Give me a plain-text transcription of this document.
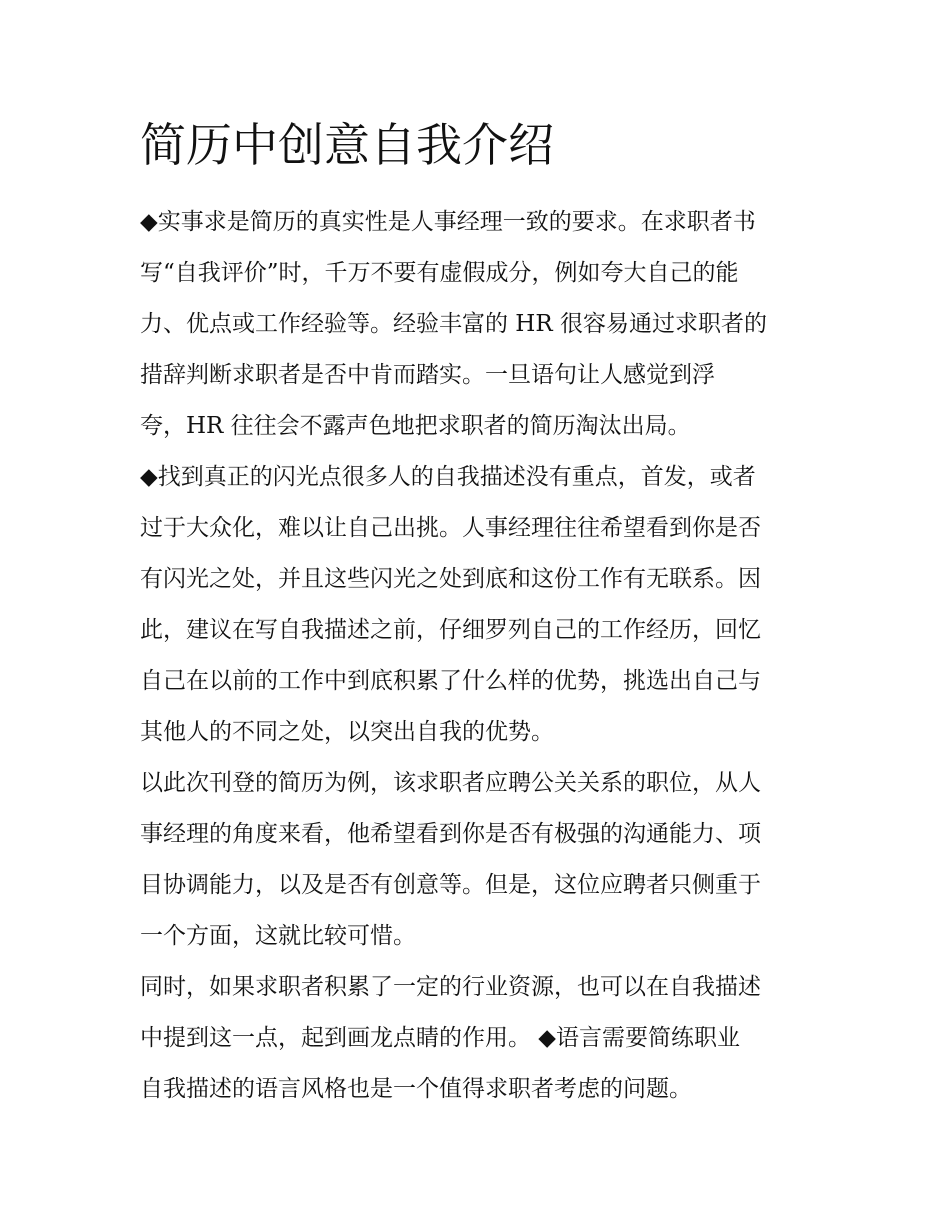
简历中创意自我介绍
◆实事求是简历的真实性是人事经理一致的要求。在求职者书
写“自我评价”时，千万不要有虚假成分，例如夸大自己的能
力、优点或工作经验等。经验丰富的 HR 很容易通过求职者的
措辞判断求职者是否中肯而踏实。一旦语句让人感觉到浮
夸，HR 往往会不露声色地把求职者的简历淘汰出局。
◆找到真正的闪光点很多人的自我描述没有重点，首发，或者
过于大众化，难以让自己出挑。人事经理往往希望看到你是否
有闪光之处，并且这些闪光之处到底和这份工作有无联系。因
此，建议在写自我描述之前，仔细罗列自己的工作经历，回忆
自己在以前的工作中到底积累了什么样的优势，挑选出自己与
其他人的不同之处，以突出自我的优势。
以此次刊登的简历为例，该求职者应聘公关关系的职位，从人
事经理的角度来看，他希望看到你是否有极强的沟通能力、项
目协调能力，以及是否有创意等。但是，这位应聘者只侧重于
一个方面，这就比较可惜。
同时，如果求职者积累了一定的行业资源，也可以在自我描述
中提到这一点，起到画龙点睛的作用。 ◆语言需要简练职业
自我描述的语言风格也是一个值得求职者考虑的问题。
